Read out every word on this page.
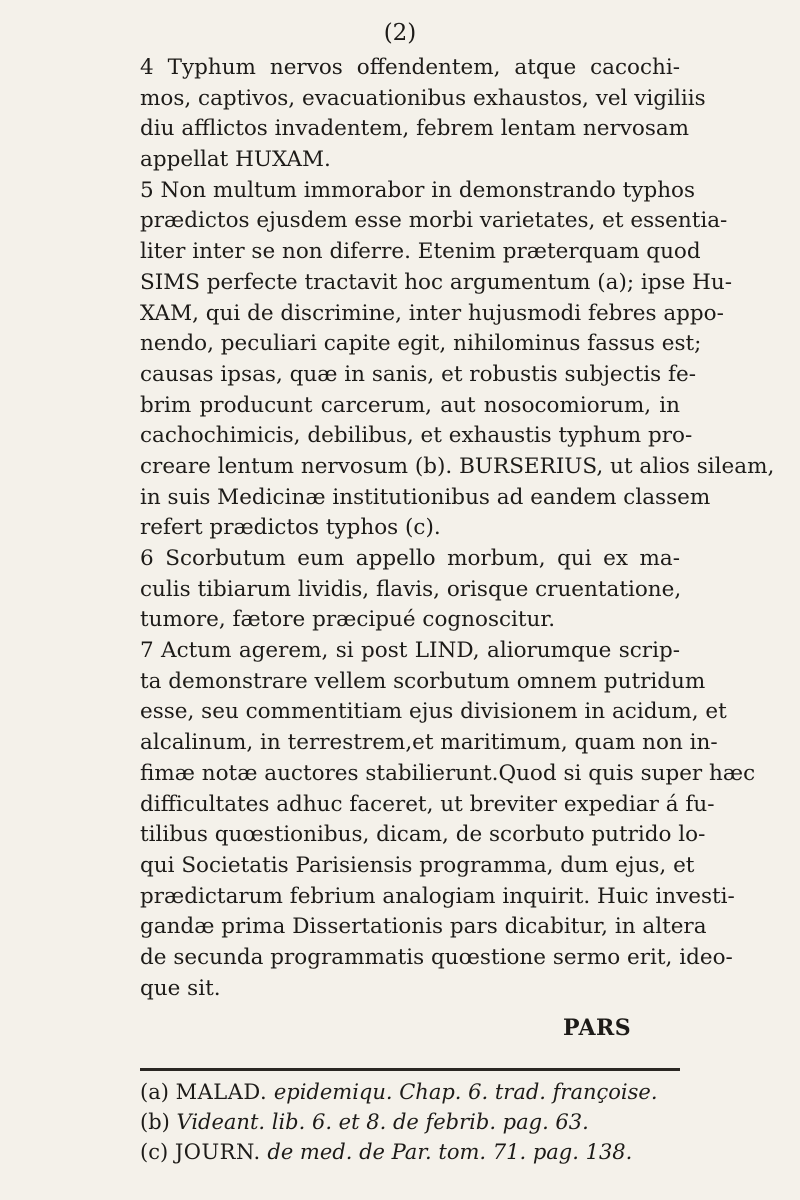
(2)
4 Typhum nervos offendentem, atque cacochi-
mos, captivos, evacuationibus exhaustos, vel vigiliis
diu afflictos invadentem, febrem lentam nervosam
appellat HUXAM.
5 Non multum immorabor in demonstrando typhos
prædictos ejusdem esse morbi varietates, et essentia-
liter inter se non diferre. Etenim præterquam quod
SIMS perfecte tractavit hoc argumentum (a); ipse Hu-
XAM, qui de discrimine, inter hujusmodi febres appo-
nendo, peculiari capite egit, nihilominus fassus est;
causas ipsas, quæ in sanis, et robustis subjectis fe-
brim producunt carcerum, aut nosocomiorum, in
cachochimicis, debilibus, et exhaustis typhum pro-
creare lentum nervosum (b). BURSERIUS, ut alios sileam,
in suis Medicinæ institutionibus ad eandem classem
refert prædictos typhos (c).
6 Scorbutum eum appello morbum, qui ex ma-
culis tibiarum lividis, flavis, orisque cruentatione,
tumore, fætore præcipué cognoscitur.
7 Actum agerem, si post LIND, aliorumque scrip-
ta demonstrare vellem scorbutum omnem putridum
esse, seu commentitiam ejus divisionem in acidum, et
alcalinum, in terrestrem,et maritimum, quam non in-
fimæ notæ auctores stabilierunt.Quod si quis super hæc
difficultates adhuc faceret, ut breviter expediar á fu-
tilibus quœstionibus, dicam, de scorbuto putrido lo-
qui Societatis Parisiensis programma, dum ejus, et
prædictarum febrium analogiam inquirit. Huic investi-
gandæ prima Dissertationis pars dicabitur, in altera
de secunda programmatis quœstione sermo erit, ideo-
que sit.
PARS
(a) MALAD. epidemiqu. Chap. 6. trad. françoise.
(b) Videant. lib. 6. et 8. de febrib. pag. 63.
(c) JOURN. de med. de Par. tom. 71. pag. 138.
